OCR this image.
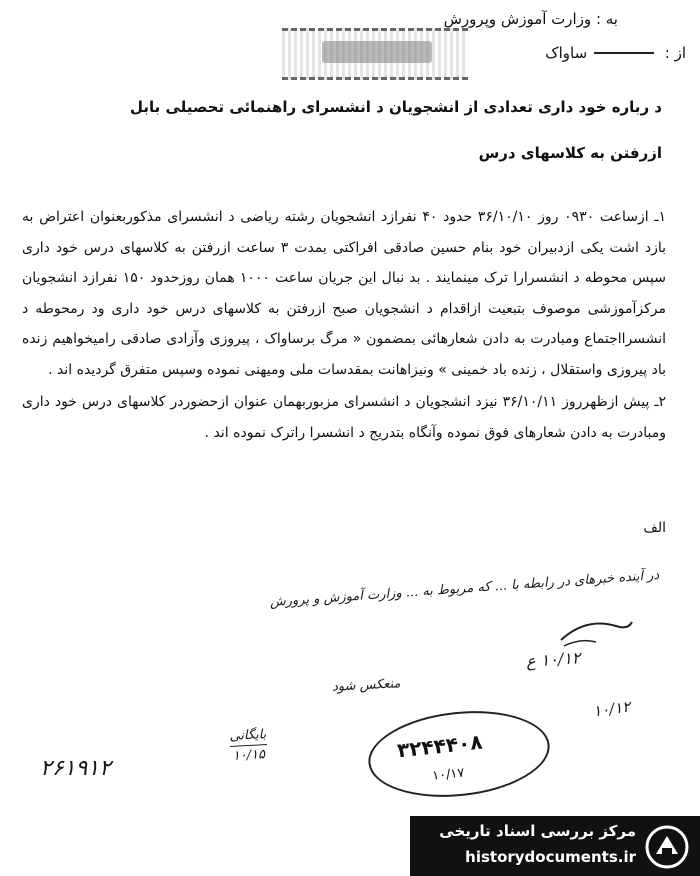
به : وزارت آموزش وپرورش
از :  ساواک
د رباره خود داری تعدادی از انشجویان د انشسرای راهنمائی تحصیلی بابل
ازرفتن به کلاسهای درس

۱ـ ازساعت ۰۹۳۰ روز ۳۶/۱۰/۱۰ حدود ۴۰ نفرازد انشجویان رشته ریاضی د انشسرای مذکوربعنوان اعتراض به بازد اشت یکی ازدبیران خود بنام حسین صادقی افراکتی بمدت ۳ ساعت ازرفتن به کلاسهای درس خود داری سپس محوطه د انشسرارا ترک مینمایند . بد نبال این جریان ساعت ۱۰۰۰ همان روزحدود ۱۵۰ نفرازد انشجویان مرکزآموزشی موصوف بتبعیت ازاقدام د انشجویان صبح ازرفتن به کلاسهای درس خود داری ود رمحوطه د انشسرااجتماع ومبادرت به دادن شعارهائی بمضمون « مرگ برساواک ، پیروزی وآزادی صادقی رامیخواهیم زنده باد پیروزی واستقلال ، زنده باد خمینی » ونیزاهانت بمقدسات ملی ومیهنی نموده وسپس متفرق گردیده اند .

۲ـ پیش ازظهرروز ۳۶/۱۰/۱۱ نیزد انشجویان د انشسرای مزبوربهمان عنوان ازحضوردر کلاسهای درس خود داری ومبادرت به دادن شعارهای فوق نموده وآنگاه بتدریج د انشسرا راترک نموده اند .

الف
در آینده خبرهای در رابطه با ... که مربوط به ... وزارت آموزش و پرورش
منعکس شود
۱۰/۱۲ ع
۱۰/۱۲
۲۶۱۹۱۲
بایگانی
۱۰/۱۵	۳۲۴۴۴۰۸
۱۰/۱۷
مرکز بررسی اسناد تاریخی
historydocuments.ir
